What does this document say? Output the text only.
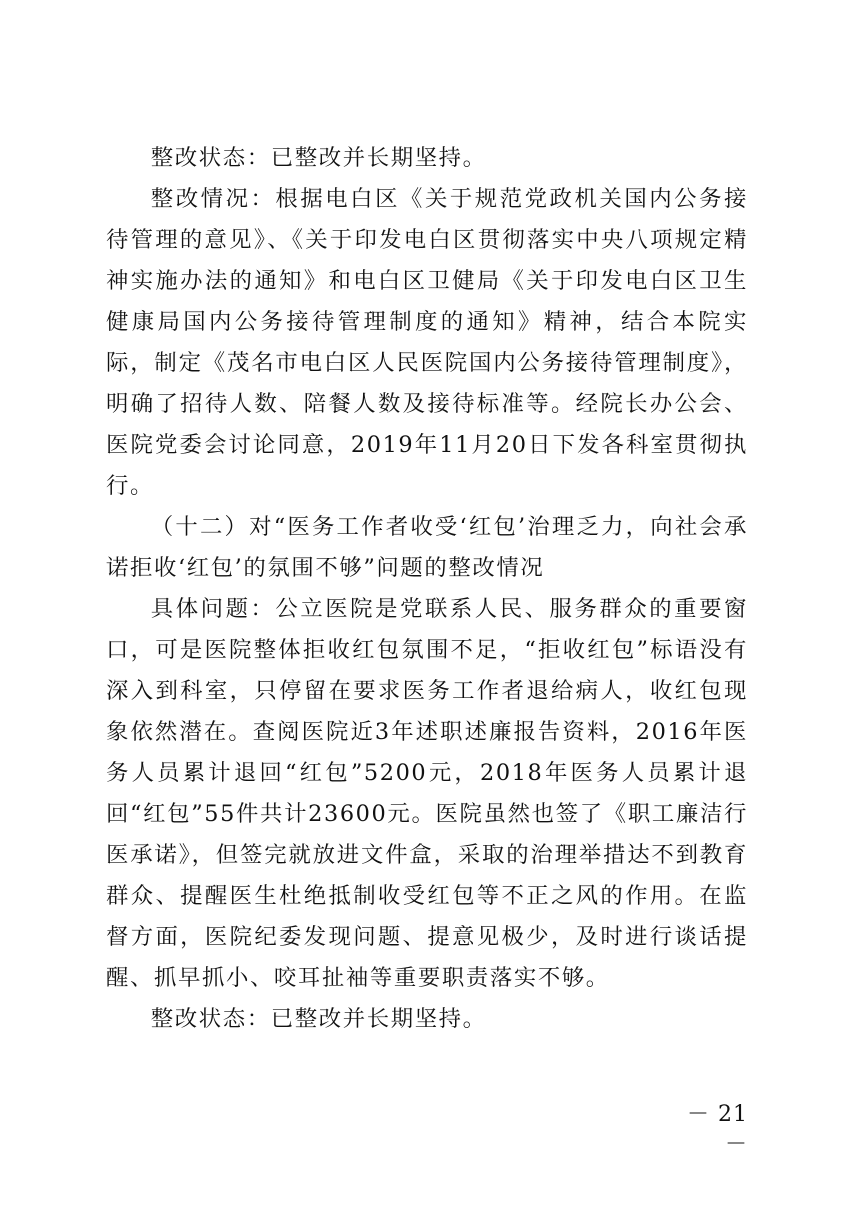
整改状态：已整改并长期坚持。

整改情况：根据电白区《关于规范党政机关国内公务接待管理的意见》、《关于印发电白区贯彻落实中央八项规定精神实施办法的通知》和电白区卫健局《关于印发电白区卫生健康局国内公务接待管理制度的通知》精神，结合本院实际，制定《茂名市电白区人民医院国内公务接待管理制度》，明确了招待人数、陪餐人数及接待标准等。经院长办公会、医院党委会讨论同意，2019年11月20日下发各科室贯彻执行。

（十二）对“医务工作者收受‘红包’治理乏力，向社会承诺拒收‘红包’的氛围不够”问题的整改情况

具体问题：公立医院是党联系人民、服务群众的重要窗口，可是医院整体拒收红包氛围不足，“拒收红包”标语没有深入到科室，只停留在要求医务工作者退给病人，收红包现象依然潜在。查阅医院近3年述职述廉报告资料，2016年医务人员累计退回“红包”5200元，2018年医务人员累计退回“红包”55件共计23600元。医院虽然也签了《职工廉洁行医承诺》，但签完就放进文件盒，采取的治理举措达不到教育群众、提醒医生杜绝抵制收受红包等不正之风的作用。在监督方面，医院纪委发现问题、提意见极少，及时进行谈话提醒、抓早抓小、咬耳扯袖等重要职责落实不够。

整改状态：已整改并长期坚持。

－ 21 －
